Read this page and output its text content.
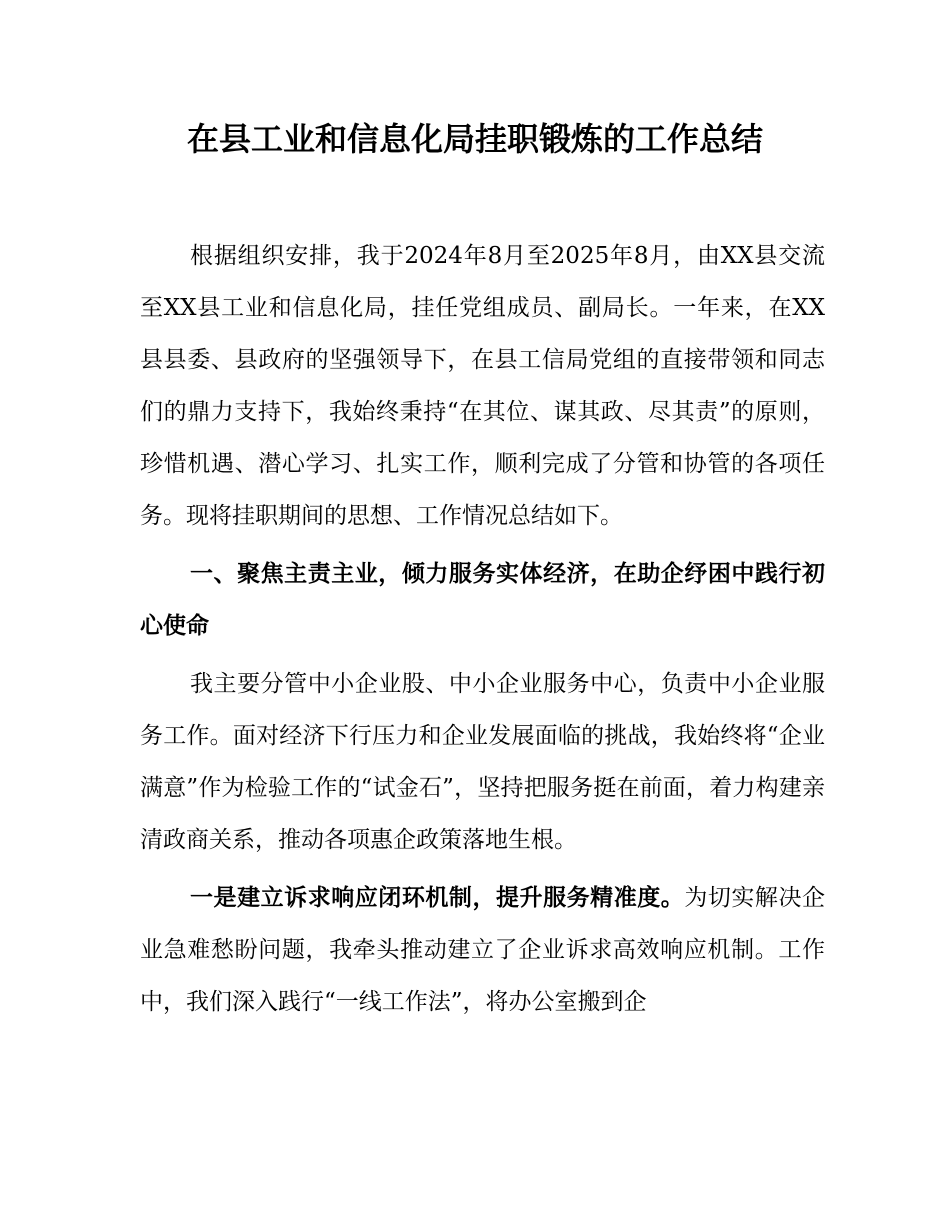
在县工业和信息化局挂职锻炼的工作总结

根据组织安排，我于2024年8月至2025年8月，由XX县交流至XX县工业和信息化局，挂任党组成员、副局长。一年来，在XX县县委、县政府的坚强领导下，在县工信局党组的直接带领和同志们的鼎力支持下，我始终秉持“在其位、谋其政、尽其责”的原则，珍惜机遇、潜心学习、扎实工作，顺利完成了分管和协管的各项任务。现将挂职期间的思想、工作情况总结如下。

一、聚焦主责主业，倾力服务实体经济，在助企纾困中践行初心使命

我主要分管中小企业股、中小企业服务中心，负责中小企业服务工作。面对经济下行压力和企业发展面临的挑战，我始终将“企业满意”作为检验工作的“试金石”，坚持把服务挺在前面，着力构建亲清政商关系，推动各项惠企政策落地生根。

一是建立诉求响应闭环机制，提升服务精准度。为切实解决企业急难愁盼问题，我牵头推动建立了企业诉求高效响应机制。工作中，我们深入践行“一线工作法”，将办公室搬到企
